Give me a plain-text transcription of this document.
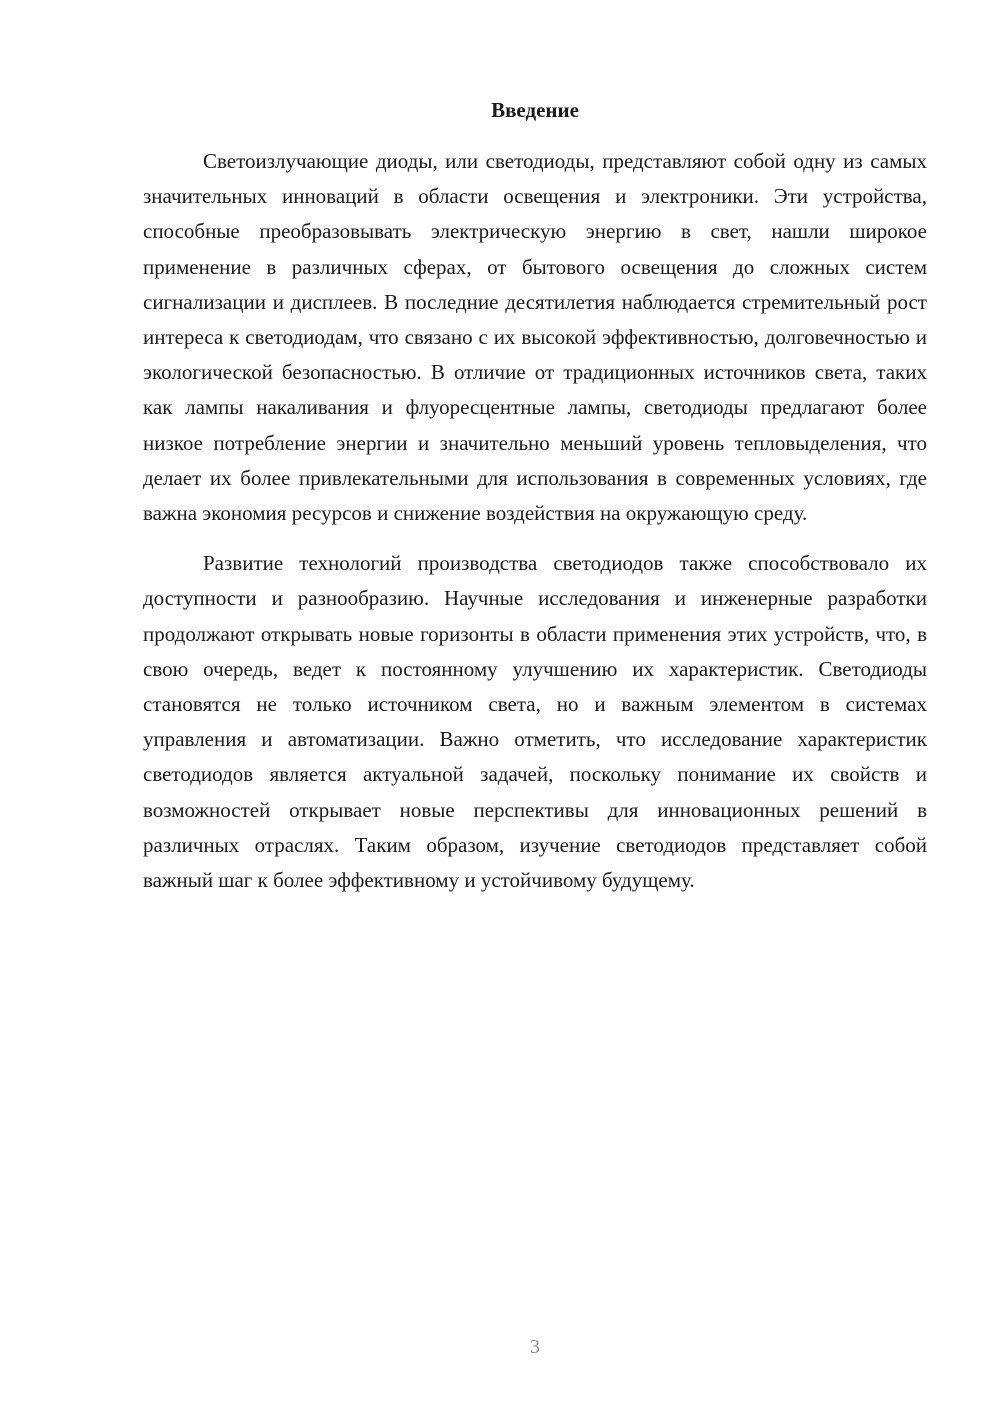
Введение

Светоизлучающие диоды, или светодиоды, представляют собой одну из самых значительных инноваций в области освещения и электроники. Эти устройства, способные преобразовывать электрическую энергию в свет, нашли широкое применение в различных сферах, от бытового освещения до сложных систем сигнализации и дисплеев. В последние десятилетия наблюдается стремительный рост интереса к светодиодам, что связано с их высокой эффективностью, долговечностью и экологической безопасностью. В отличие от традиционных источников света, таких как лампы накаливания и флуоресцентные лампы, светодиоды предлагают более низкое потребление энергии и значительно меньший уровень тепловыделения, что делает их более привлекательными для использования в современных условиях, где важна экономия ресурсов и снижение воздействия на окружающую среду.

Развитие технологий производства светодиодов также способствовало их доступности и разнообразию. Научные исследования и инженерные разработки продолжают открывать новые горизонты в области применения этих устройств, что, в свою очередь, ведет к постоянному улучшению их характеристик. Светодиоды становятся не только источником света, но и важным элементом в системах управления и автоматизации. Важно отметить, что исследование характеристик светодиодов является актуальной задачей, поскольку понимание их свойств и возможностей открывает новые перспективы для инновационных решений в различных отраслях. Таким образом, изучение светодиодов представляет собой важный шаг к более эффективному и устойчивому будущему.

3
